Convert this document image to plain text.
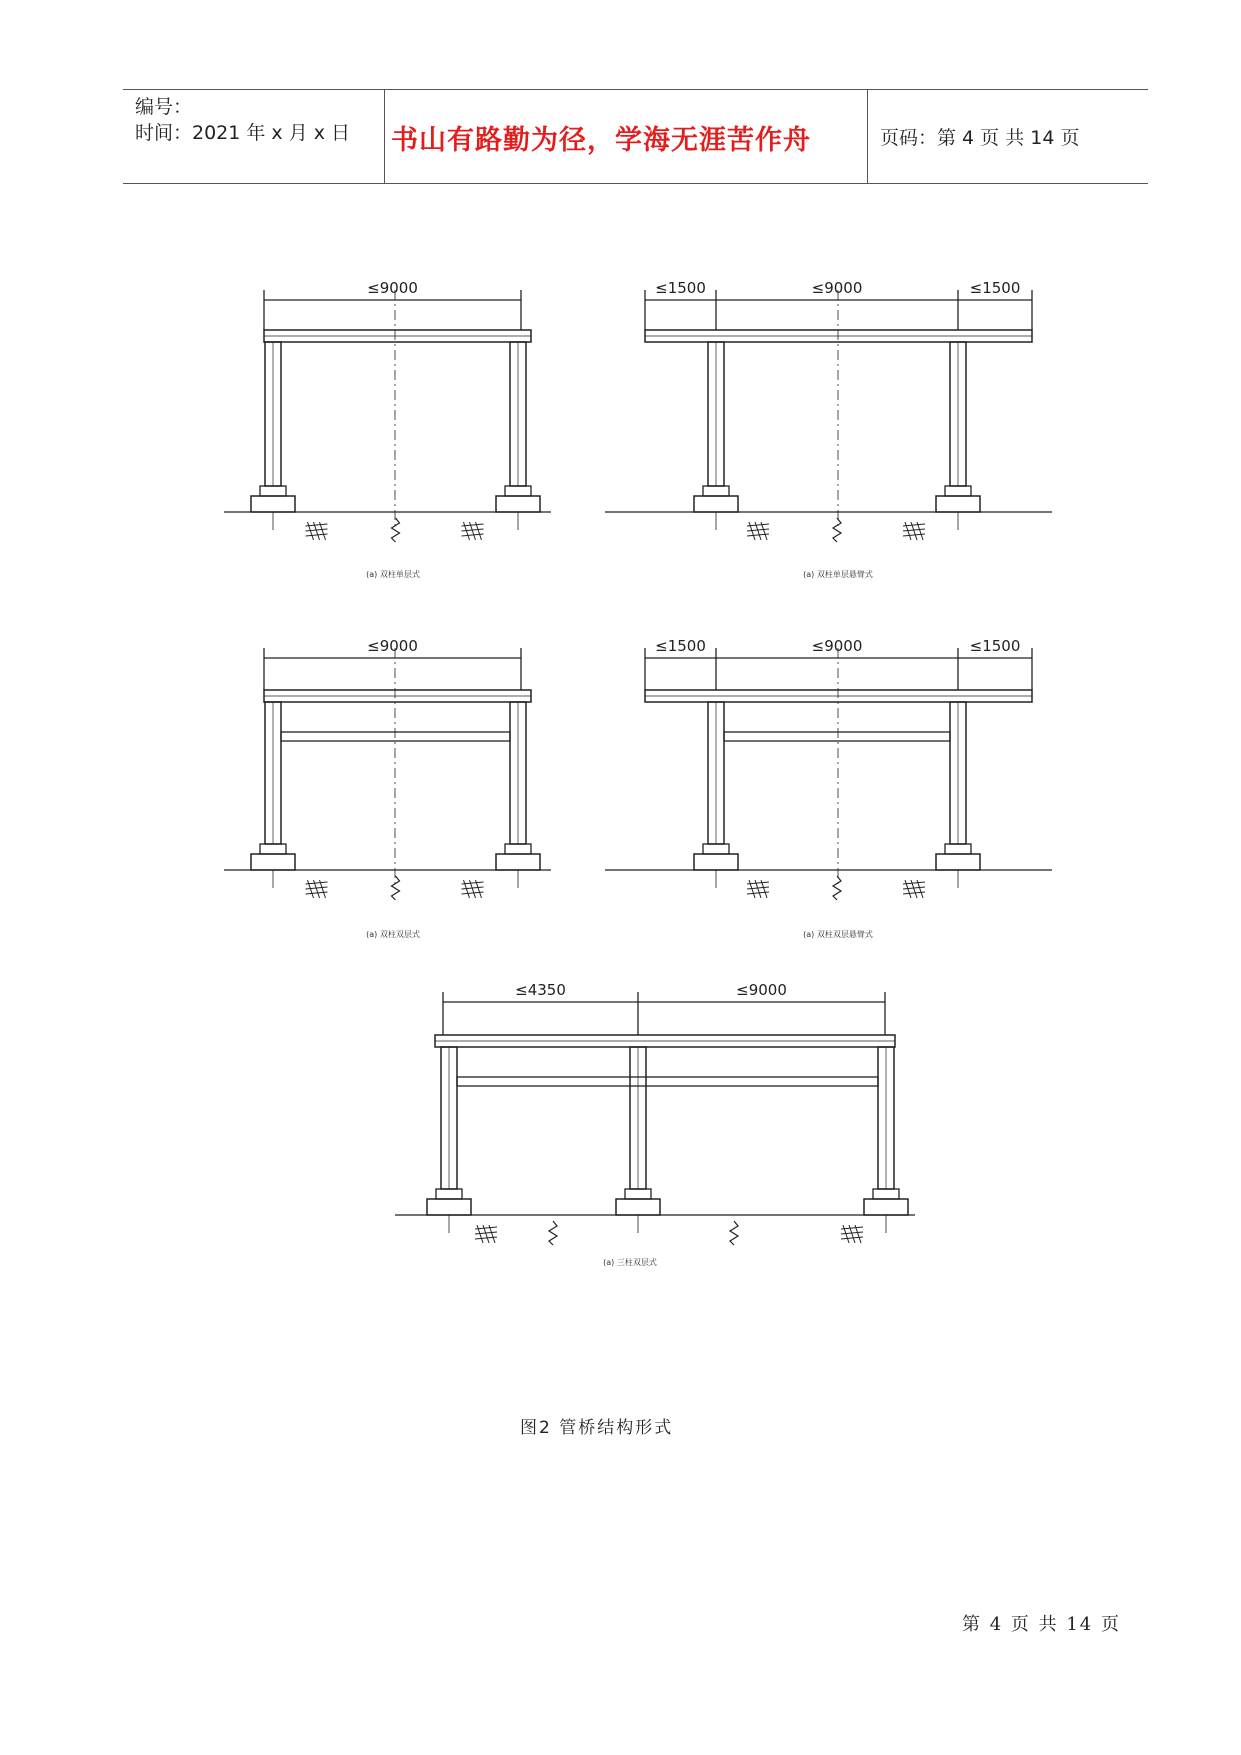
编号：
时间：2021 年 x 月 x 日 书山有路勤为径，学海无涯苦作舟	页码：第 4 页 共 14 页
≤9000
(a) 双柱单层式
≤1500	≤9000	≤1500
(a) 双柱单层悬臂式
≤9000
(a) 双柱双层式
≤1500	≤9000	≤1500
(a) 双柱双层悬臂式
≤4350	≤9000
(a) 三柱双层式
图2 管桥结构形式
第 4 页 共 14 页
